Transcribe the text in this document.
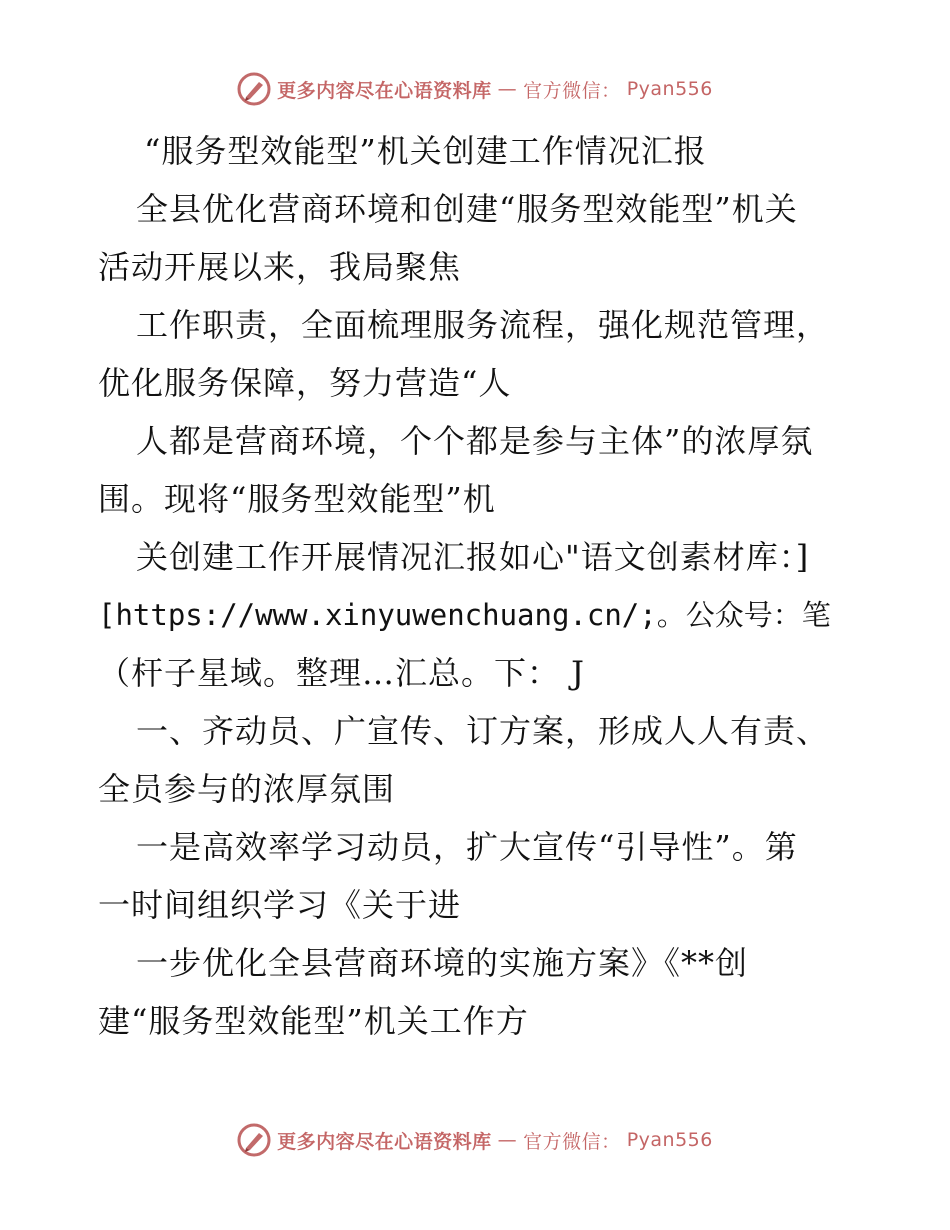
更多内容尽在心语资料库 — 官方微信： Pyan556
“服务型效能型”机关创建工作情况汇报
全县优化营商环境和创建“服务型效能型”机关
活动开展以来，我局聚焦
工作职责，全面梳理服务流程，强化规范管理，
优化服务保障，努力营造“人
人都是营商环境，个个都是参与主体”的浓厚氛
围。现将“服务型效能型”机
关创建工作开展情况汇报如心"语文创素材库：]
[https://www.xinyuwenchuang.cn/;。公众号：笔
（杆子星域。整理…汇总。下： J
一、齐动员、广宣传、订方案，形成人人有责、
全员参与的浓厚氛围
一是高效率学习动员，扩大宣传“引导性”。第
一时间组织学习《关于进
一步优化全县营商环境的实施方案》《**创
建“服务型效能型”机关工作方
更多内容尽在心语资料库 — 官方微信： Pyan556
